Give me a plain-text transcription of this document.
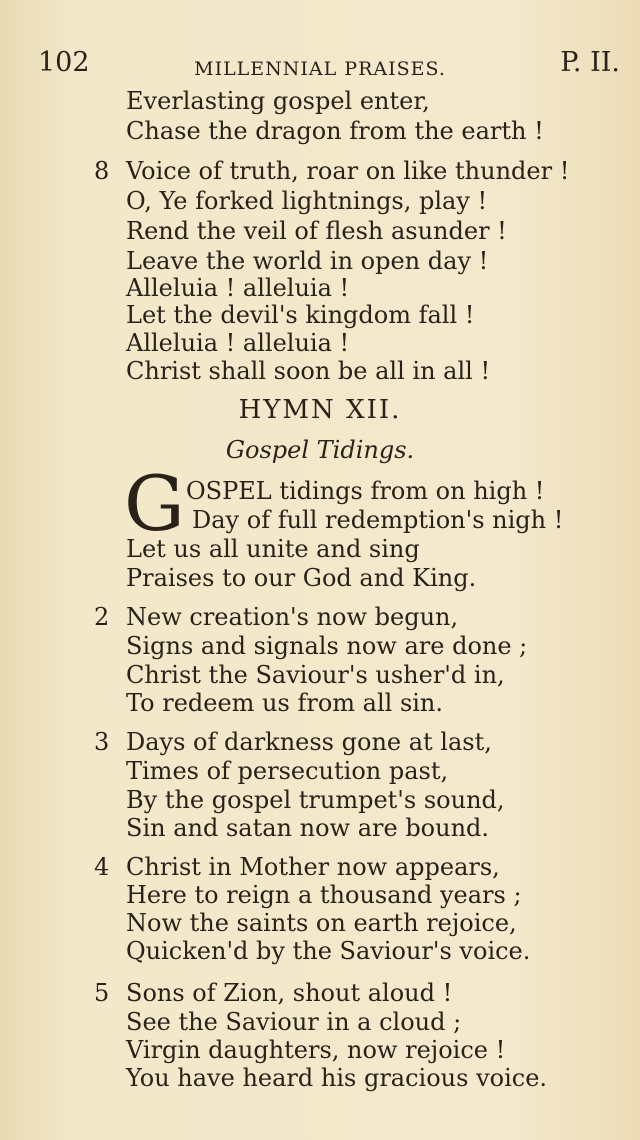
102	MILLENNIAL PRAISES.	P. II.
Everlasting gospel enter,
Chase the dragon from the earth !
8 Voice of truth, roar on like thunder !
O, Ye forked lightnings, play !
Rend the veil of flesh asunder !
Leave the world in open day !
Alleluia ! alleluia !
Let the devil's kingdom fall !
Alleluia ! alleluia !
Christ shall soon be all in all !
HYMN XII.
Gospel Tidings.
G OSPEL tidings from on high !
Day of full redemption's nigh !
Let us all unite and sing
Praises to our God and King.
2 New creation's now begun,
Signs and signals now are done ;
Christ the Saviour's usher'd in,
To redeem us from all sin.
3 Days of darkness gone at last,
Times of persecution past,
By the gospel trumpet's sound,
Sin and satan now are bound.
4 Christ in Mother now appears,
Here to reign a thousand years ;
Now the saints on earth rejoice,
Quicken'd by the Saviour's voice.
5 Sons of Zion, shout aloud !
See the Saviour in a cloud ;
Virgin daughters, now rejoice !
You have heard his gracious voice.
